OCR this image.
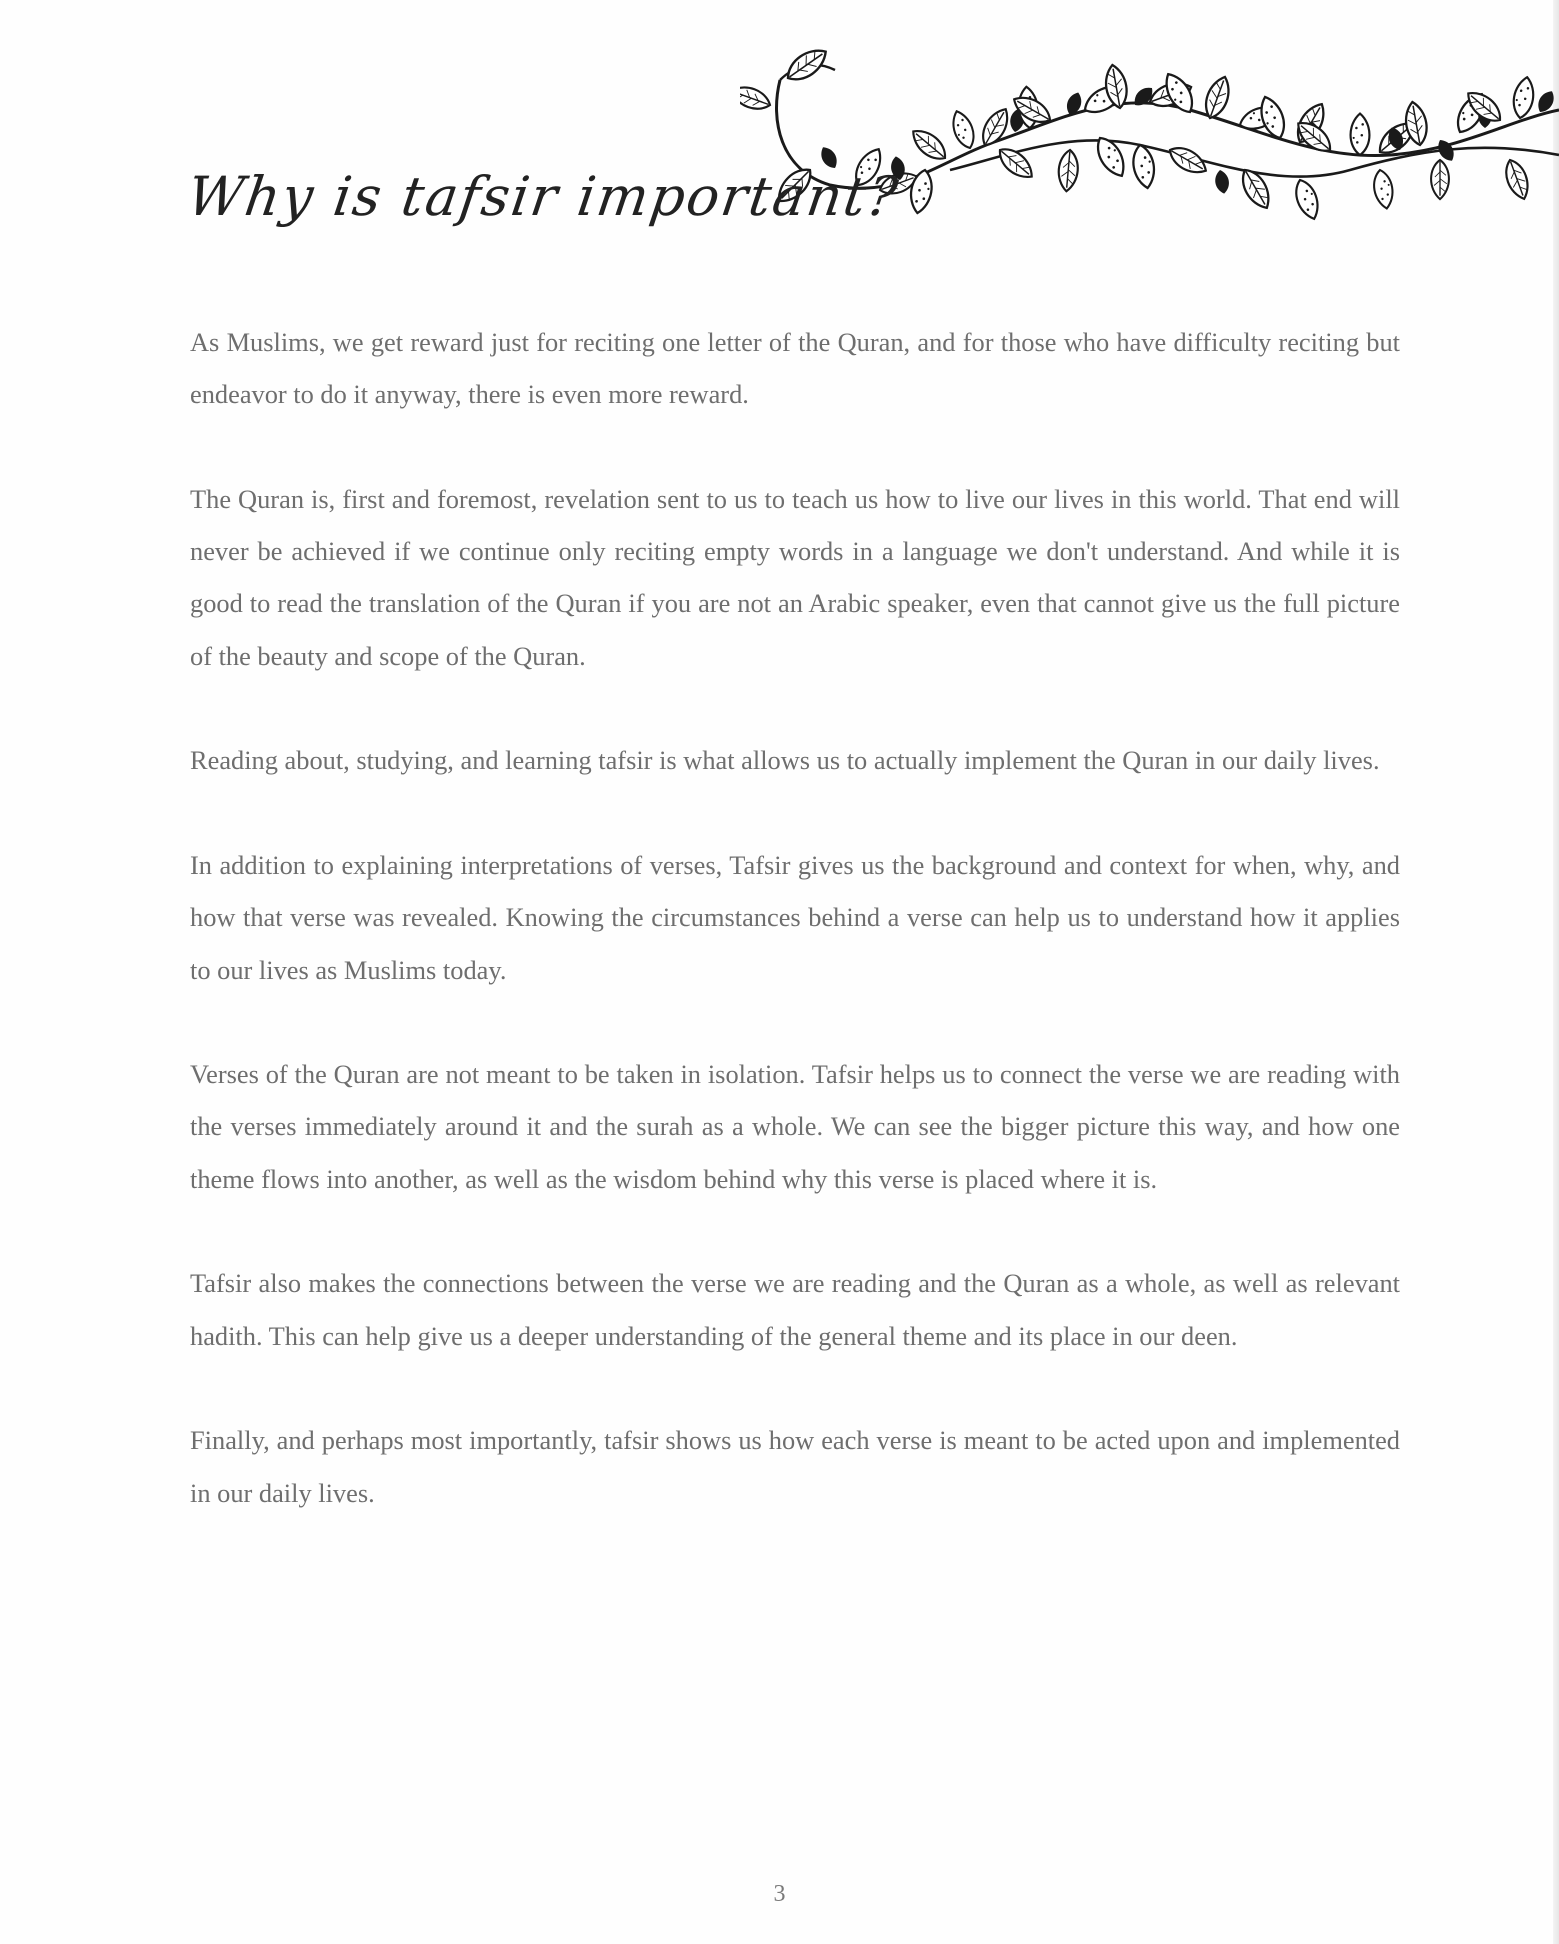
Why is tafsir important?

As Muslims, we get reward just for reciting one letter of the Quran, and for those who have difficulty reciting but endeavor to do it anyway, there is even more reward.

The Quran is, first and foremost, revelation sent to us to teach us how to live our lives in this world. That end will never be achieved if we continue only reciting empty words in a language we don't understand. And while it is good to read the translation of the Quran if you are not an Arabic speaker, even that cannot give us the full picture of the beauty and scope of the Quran.

Reading about, studying, and learning tafsir is what allows us to actually implement the Quran in our daily lives.

In addition to explaining interpretations of verses, Tafsir gives us the background and context for when, why, and how that verse was revealed. Knowing the circumstances behind a verse can help us to understand how it applies to our lives as Muslims today.

Verses of the Quran are not meant to be taken in isolation. Tafsir helps us to connect the verse we are reading with the verses immediately around it and the surah as a whole. We can see the bigger picture this way, and how one theme flows into another, as well as the wisdom behind why this verse is placed where it is.

Tafsir also makes the connections between the verse we are reading and the Quran as a whole, as well as relevant hadith. This can help give us a deeper understanding of the general theme and its place in our deen.

Finally, and perhaps most importantly, tafsir shows us how each verse is meant to be acted upon and implemented in our daily lives.

3
